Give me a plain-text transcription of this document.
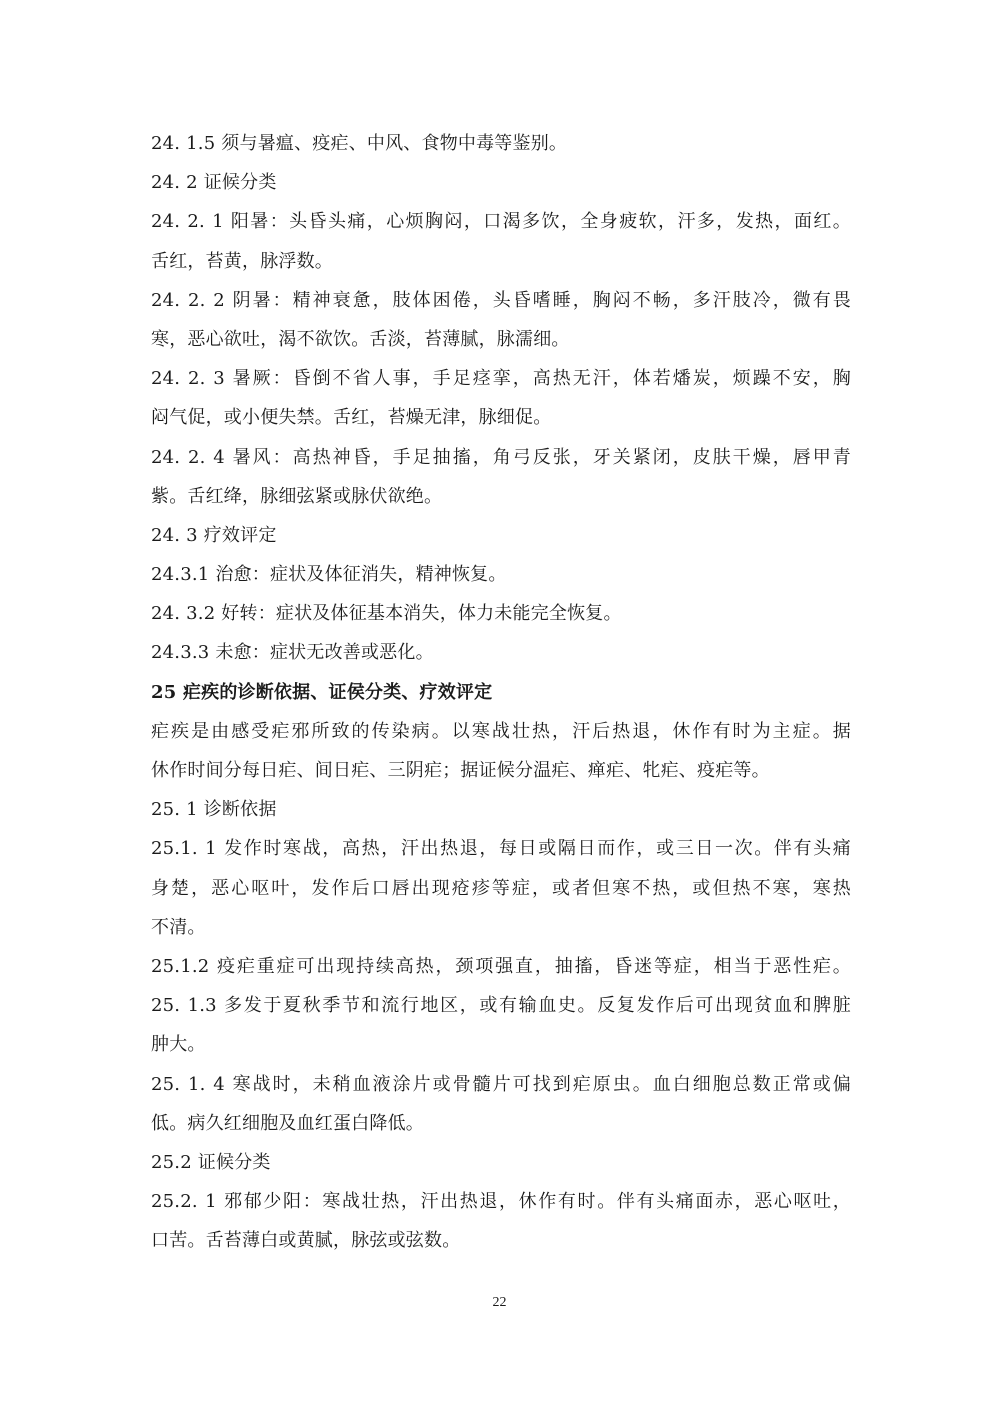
24. 1.5 须与暑瘟、疫疟、中风、食物中毒等鉴别。
24. 2 证候分类
24. 2. 1 阳暑：头昏头痛，心烦胸闷，口渴多饮，全身疲软，汗多，发热，面红。
舌红，苔黄，脉浮数。
24. 2. 2 阴暑：精神衰惫，肢体困倦，头昏嗜睡，胸闷不畅，多汗肢冷，微有畏
寒，恶心欲吐，渴不欲饮。舌淡，苔薄腻，脉濡细。
24. 2. 3 暑厥：昏倒不省人事，手足痉挛，高热无汗，体若燔炭，烦躁不安，胸
闷气促，或小便失禁。舌红，苔燥无津，脉细促。
24. 2. 4 暑风：高热神昏，手足抽搐，角弓反张，牙关紧闭，皮肤干燥，唇甲青
紫。舌红绛，脉细弦紧或脉伏欲绝。
24. 3 疗效评定
24.3.1 治愈：症状及体征消失，精神恢复。
24. 3.2 好转：症状及体征基本消失，体力未能完全恢复。
24.3.3 未愈：症状无改善或恶化。
25 疟疾的诊断依据、证侯分类、疗效评定
疟疾是由感受疟邪所致的传染病。以寒战壮热，汗后热退，休作有时为主症。据
休作时间分每日疟、间日疟、三阴疟；据证候分温疟、瘅疟、牝疟、疫疟等。
25. 1 诊断依据
25.1. 1 发作时寒战，高热，汗出热退，每日或隔日而作，或三日一次。伴有头痛
身楚，恶心呕叶，发作后口唇出现疮疹等症，或者但寒不热，或但热不寒，寒热
不清。
25.1.2 疫疟重症可出现持续高热，颈项强直，抽搐，昏迷等症，相当于恶性疟。
25. 1.3 多发于夏秋季节和流行地区，或有输血史。反复发作后可出现贫血和脾脏
肿大。
25. 1. 4 寒战时，未稍血液涂片或骨髓片可找到疟原虫。血白细胞总数正常或偏
低。病久红细胞及血红蛋白降低。
25.2 证候分类
25.2. 1 邪郁少阳：寒战壮热，汗出热退，休作有时。伴有头痛面赤，恶心呕吐，
口苦。舌苔薄白或黄腻，脉弦或弦数。
22
